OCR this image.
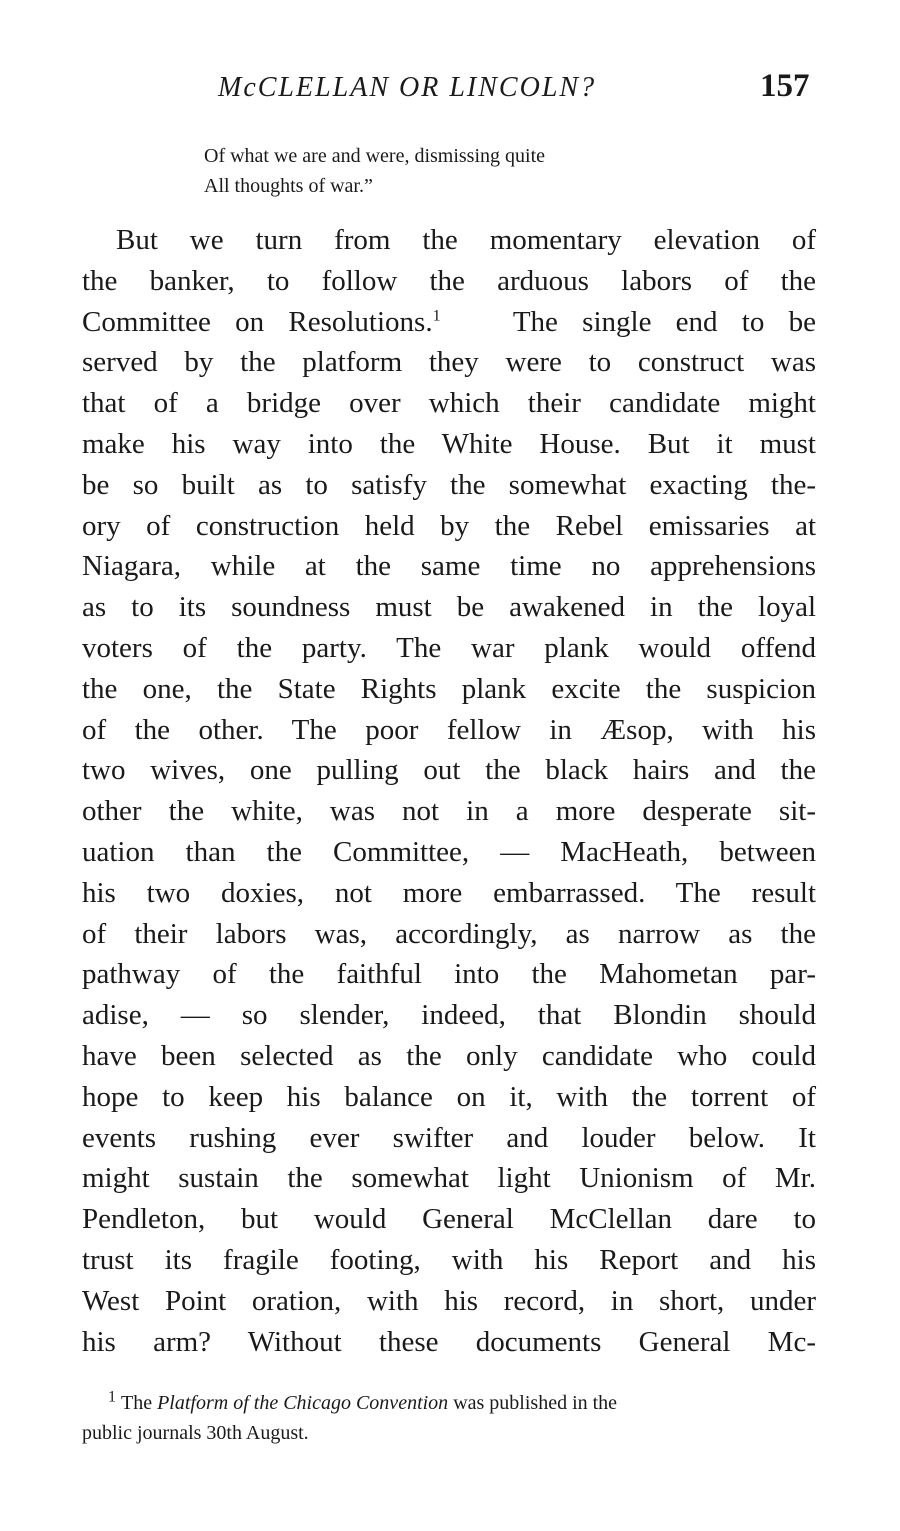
McCLELLAN OR LINCOLN?	157
Of what we are and were, dismissing quite
All thoughts of war.”
But we turn from the momentary elevation of
the banker, to follow the arduous labors of the
Committee on Resolutions.$^1$ The single end to be
served by the platform they were to construct was
that of a bridge over which their candidate might
make his way into the White House. But it must
be so built as to satisfy the somewhat exacting the-
ory of construction held by the Rebel emissaries at
Niagara, while at the same time no apprehensions
as to its soundness must be awakened in the loyal
voters of the party. The war plank would offend
the one, the State Rights plank excite the suspicion
of the other. The poor fellow in Æsop, with his
two wives, one pulling out the black hairs and the
other the white, was not in a more desperate sit-
uation than the Committee, — MacHeath, between
his two doxies, not more embarrassed. The result
of their labors was, accordingly, as narrow as the
pathway of the faithful into the Mahometan par-
adise, — so slender, indeed, that Blondin should
have been selected as the only candidate who could
hope to keep his balance on it, with the torrent of
events rushing ever swifter and louder below. It
might sustain the somewhat light Unionism of Mr.
Pendleton, but would General McClellan dare to
trust its fragile footing, with his Report and his
West Point oration, with his record, in short, under
his arm? Without these documents General Mc-
$^1$ The Platform of the Chicago Convention was published in the
public journals 30th August.
